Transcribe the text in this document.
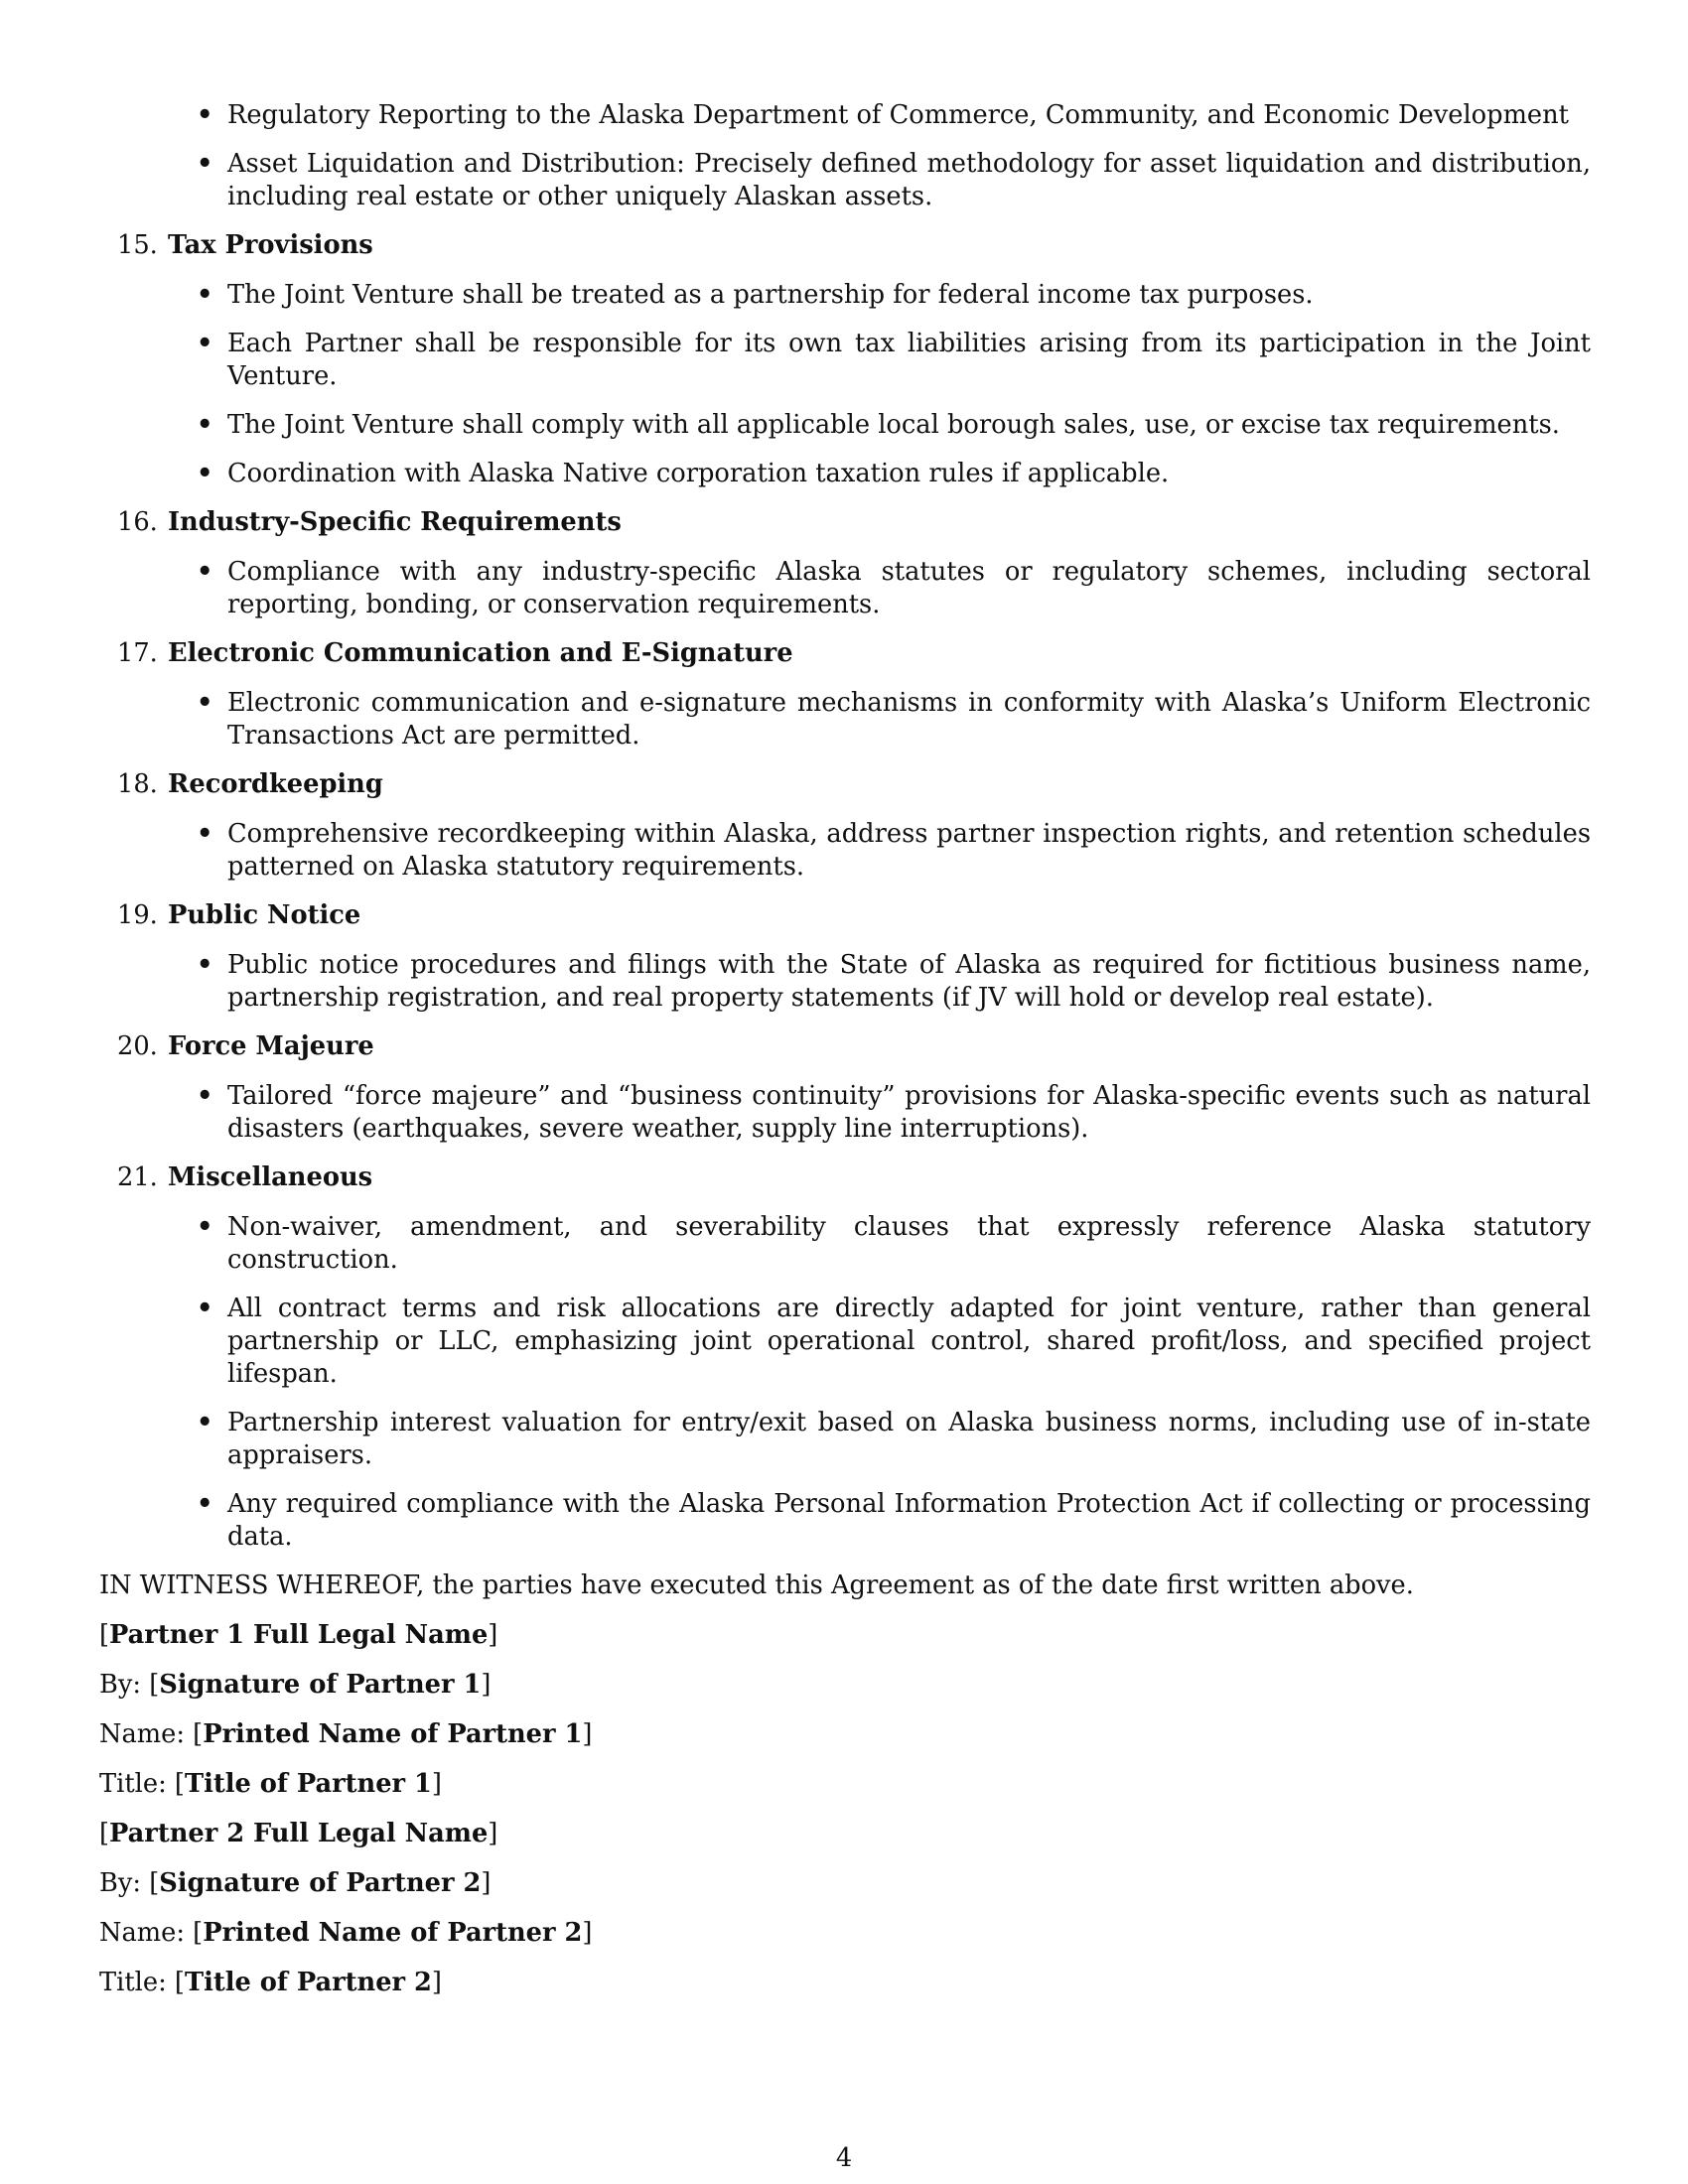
• Regulatory Reporting to the Alaska Department of Commerce, Community, and Economic Development
• Asset Liquidation and Distribution: Precisely defined methodology for asset liquidation and distribution, including real estate or other uniquely Alaskan assets.
15. Tax Provisions
• The Joint Venture shall be treated as a partnership for federal income tax purposes.
• Each Partner shall be responsible for its own tax liabilities arising from its participation in the Joint Venture.
• The Joint Venture shall comply with all applicable local borough sales, use, or excise tax requirements.
• Coordination with Alaska Native corporation taxation rules if applicable.
16. Industry-Specific Requirements
• Compliance with any industry-specific Alaska statutes or regulatory schemes, including sectoral reporting, bonding, or conservation requirements.
17. Electronic Communication and E-Signature
• Electronic communication and e-signature mechanisms in conformity with Alaska’s Uniform Electronic Transactions Act are permitted.
18. Recordkeeping
• Comprehensive recordkeeping within Alaska, address partner inspection rights, and retention schedules patterned on Alaska statutory requirements.
19. Public Notice
• Public notice procedures and filings with the State of Alaska as required for fictitious business name, partnership registration, and real property statements (if JV will hold or develop real estate).
20. Force Majeure
• Tailored “force majeure” and “business continuity” provisions for Alaska-specific events such as natural disasters (earthquakes, severe weather, supply line interruptions).
21. Miscellaneous
• Non-waiver, amendment, and severability clauses that expressly reference Alaska statutory construction.
• All contract terms and risk allocations are directly adapted for joint venture, rather than general partnership or LLC, emphasizing joint operational control, shared profit/loss, and specified project lifespan.
• Partnership interest valuation for entry/exit based on Alaska business norms, including use of in-state appraisers.
• Any required compliance with the Alaska Personal Information Protection Act if collecting or processing data.

IN WITNESS WHEREOF, the parties have executed this Agreement as of the date first written above.

[Partner 1 Full Legal Name]
By: [Signature of Partner 1]
Name: [Printed Name of Partner 1]
Title: [Title of Partner 1]
[Partner 2 Full Legal Name]
By: [Signature of Partner 2]
Name: [Printed Name of Partner 2]
Title: [Title of Partner 2]
4
